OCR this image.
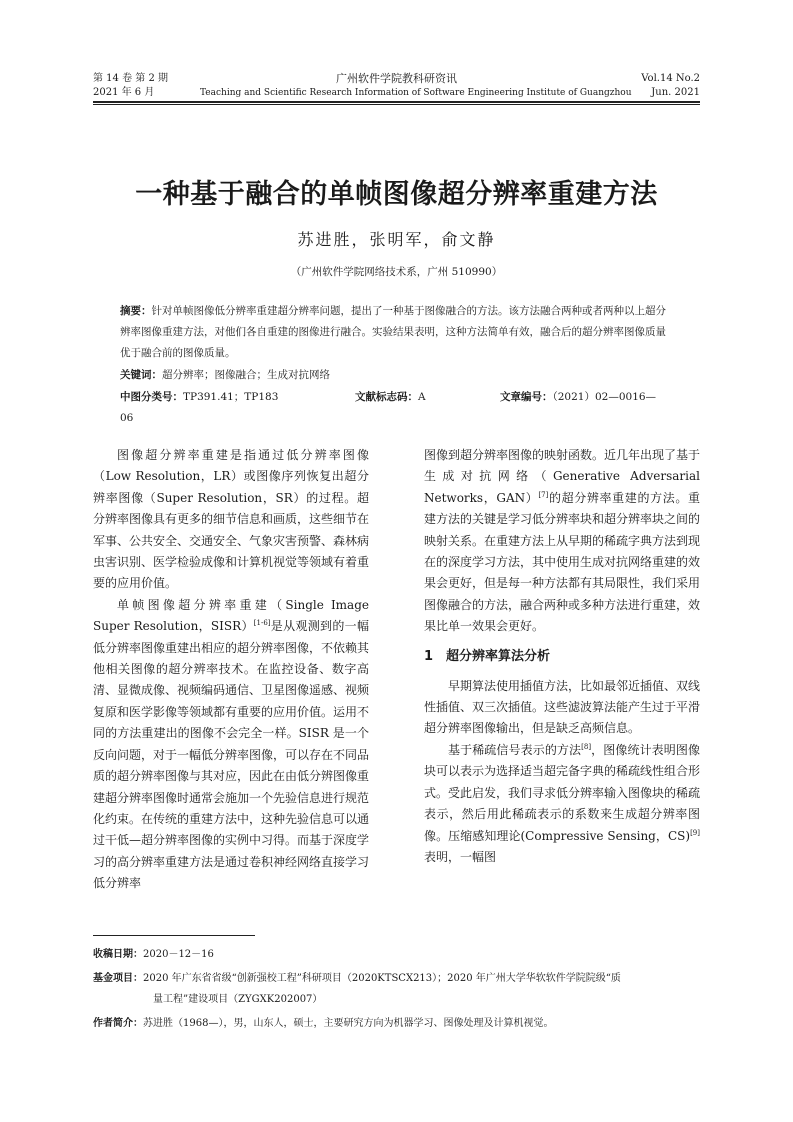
第 14 卷 第 2 期
2021 年 6 月
广州软件学院教科研资讯
Teaching and Scientific Research Information of Software Engineering Institute of Guangzhou
Vol.14 No.2
Jun. 2021
一种基于融合的单帧图像超分辨率重建方法
苏进胜，张明军，俞文静
（广州软件学院网络技术系，广州 510990）
摘要：针对单帧图像低分辨率重建超分辨率问题，提出了一种基于图像融合的方法。该方法融合两种或者两种以上超分辨率图像重建方法，对他们各自重建的图像进行融合。实验结果表明，这种方法简单有效，融合后的超分辨率图像质量优于融合前的图像质量。
关键词：超分辨率；图像融合；生成对抗网络
中图分类号：TP391.41；TP183	文献标志码：A	文章编号：（2021）02—0016—
06

图像超分辨率重建是指通过低分辨率图像（Low Resolution，LR）或图像序列恢复出超分辨率图像（Super Resolution，SR）的过程。超分辨率图像具有更多的细节信息和画质，这些细节在军事、公共安全、交通安全、气象灾害预警、森林病虫害识别、医学检验成像和计算机视觉等领域有着重要的应用价值。

单帧图像超分辨率重建（Single Image Super Resolution，SISR）[1-6]是从观测到的一幅低分辨率图像重建出相应的超分辨率图像，不依赖其他相关图像的超分辨率技术。在监控设备、数字高清、显微成像、视频编码通信、卫星图像遥感、视频复原和医学影像等领域都有重要的应用价值。运用不同的方法重建出的图像不会完全一样。SISR 是一个反向问题，对于一幅低分辨率图像，可以存在不同品质的超分辨率图像与其对应，因此在由低分辨图像重建超分辨率图像时通常会施加一个先验信息进行规范化约束。在传统的重建方法中，这种先验信息可以通过干低—超分辨率图像的实例中习得。而基于深度学习的高分辨率重建方法是通过卷积神经网络直接学习低分辨率

图像到超分辨率图像的映射函数。近几年出现了基于生成对抗网络（Generative Adversarial Networks，GAN）[7]的超分辨率重建的方法。重建方法的关键是学习低分辨率块和超分辨率块之间的映射关系。在重建方法上从早期的稀疏字典方法到现在的深度学习方法，其中使用生成对抗网络重建的效果会更好，但是每一种方法都有其局限性，我们采用图像融合的方法，融合两种或多种方法进行重建，效果比单一效果会更好。

1　超分辨率算法分析

早期算法使用插值方法，比如最邻近插值、双线性插值、双三次插值。这些滤波算法能产生过于平滑超分辨率图像输出，但是缺乏高频信息。

基于稀疏信号表示的方法[8]，图像统计表明图像块可以表示为选择适当超完备字典的稀疏线性组合形式。受此启发，我们寻求低分辨率输入图像块的稀疏表示，然后用此稀疏表示的系数来生成超分辨率图像。压缩感知理论(Compressive Sensing，CS)[9]表明，一幅图

收稿日期：2020－12－16
基金项目：2020 年广东省省级“创新强校工程”科研项目（2020KTSCX213）；2020 年广州大学华软软件学院院级“质
量工程”建设项目（ZYGXK202007）
作者简介：苏进胜（1968—），男，山东人，硕士，主要研究方向为机器学习、图像处理及计算机视觉。
